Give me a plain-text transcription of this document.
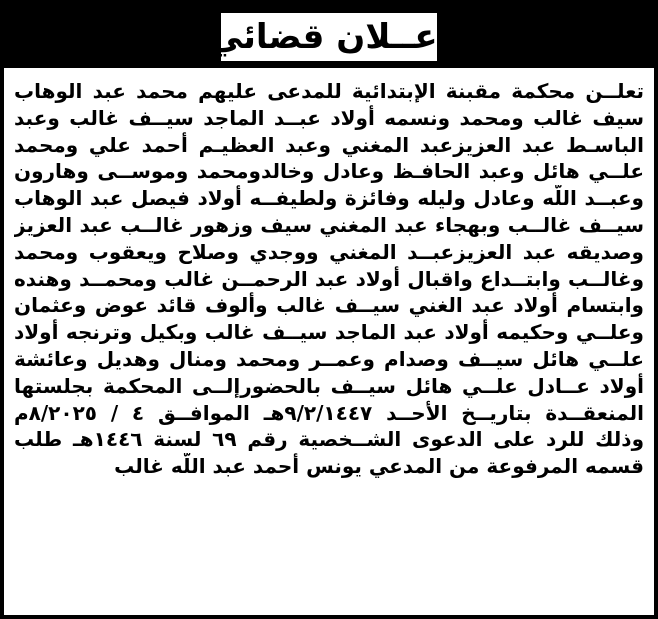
إعــلان قضائي
تعلــن محكمة مقبنة الإبتدائية للمدعى عليهم محمد عبد الوهاب
سيف غالب ومحمد ونسمه أولاد عبــد الماجد سيــف غالب وعبد
الباسـط عبد العزيزعبد المغني وعبد العظيـم أحمد علي ومحمد
علــي هائل وعبد الحافـظ وعادل وخالدومحمد وموســى وهارون
وعبــد اللّه وعادل وليله وفائزة ولطيفــه أولاد فيصل عبد الوهاب
سيــف غالــب وبهجاء عبد المغني سيف وزهور غالــب عبد العزيز
وصديقه عبد العزيزعبــد المغني ووجدي وصلاح ويعقوب ومحمد
وغالــب وابتــداع واقبال أولاد عبد الرحمــن غالب ومحمــد وهنده
وابتسام أولاد عبد الغني سيــف غالب وألوف قائد عوض وعثمان
وعلــي وحكيمه أولاد عبد الماجد سيــف غالب وبكيل وترنجه أولاد
علــي هائل سيــف وصدام وعمــر ومحمد ومنال وهديل وعائشة
أولاد عــادل علــي هائل سيــف بالحضورإلــى المحكمة بجلستها
المنعقــدة بتاريــخ الأحــد ٩/٢/١٤٤٧هـ الموافــق ٤ / ٨/٢٠٢٥م
وذلك للرد على الدعوى الشــخصية رقم ٦٩ لسنة ١٤٤٦هـ طلب
قسمه المرفوعة من المدعي يونس أحمد عبد اللّه غالب
